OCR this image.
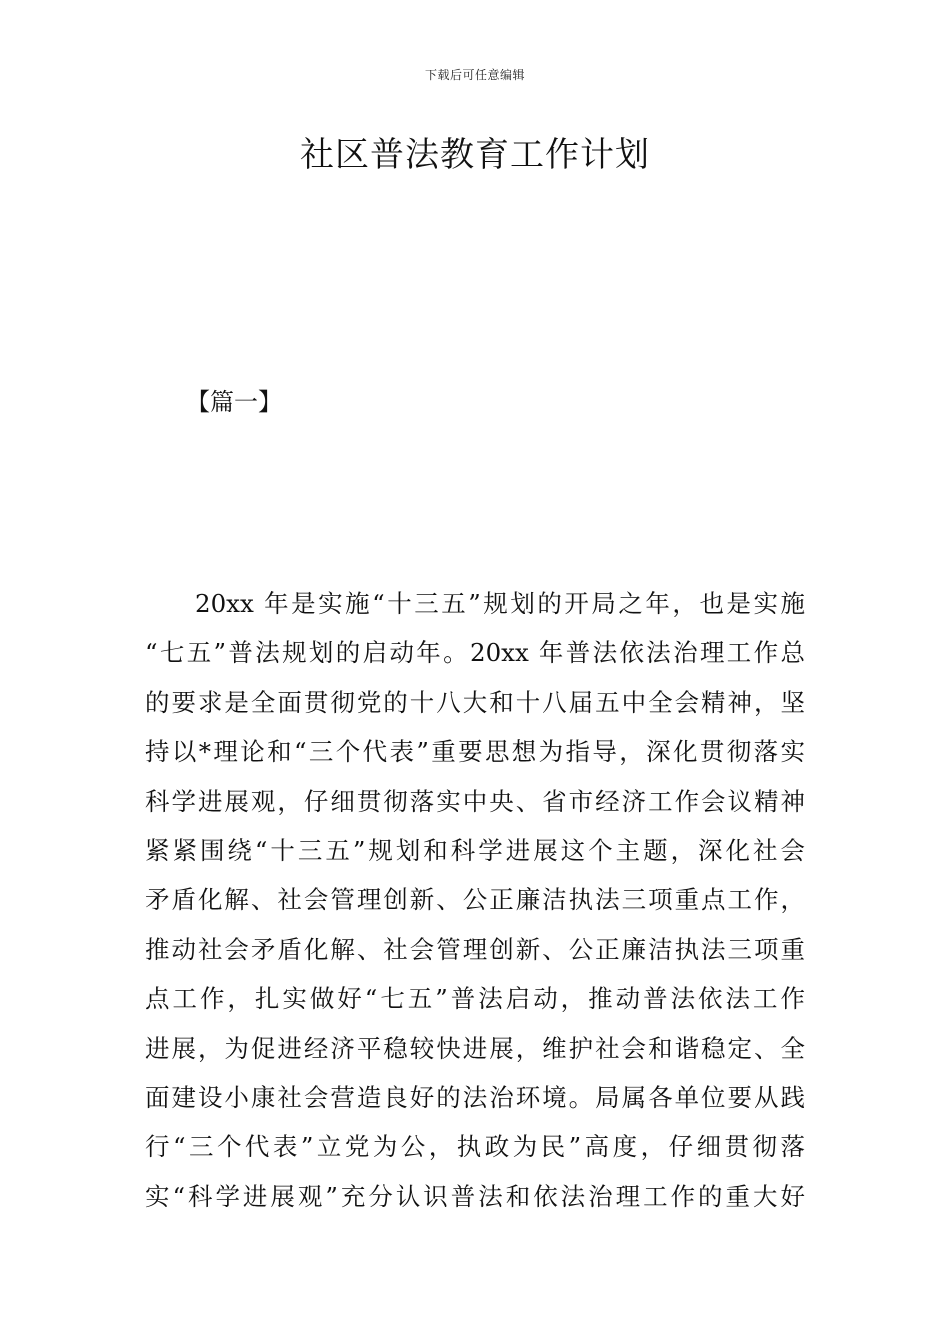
下载后可任意编辑
社区普法教育工作计划
【篇一】
20xx 年是实施“十三五”规划的开局之年，也是实施
“七五”普法规划的启动年。20xx 年普法依法治理工作总
的要求是全面贯彻党的十八大和十八届五中全会精神，坚
持以*理论和“三个代表”重要思想为指导，深化贯彻落实
科学进展观，仔细贯彻落实中央、省市经济工作会议精神
紧紧围绕“十三五”规划和科学进展这个主题，深化社会
矛盾化解、社会管理创新、公正廉洁执法三项重点工作，
推动社会矛盾化解、社会管理创新、公正廉洁执法三项重
点工作，扎实做好“七五”普法启动，推动普法依法工作
进展，为促进经济平稳较快进展，维护社会和谐稳定、全
面建设小康社会营造良好的法治环境。局属各单位要从践
行“三个代表”立党为公，执政为民”高度，仔细贯彻落
实“科学进展观”充分认识普法和依法治理工作的重大好
